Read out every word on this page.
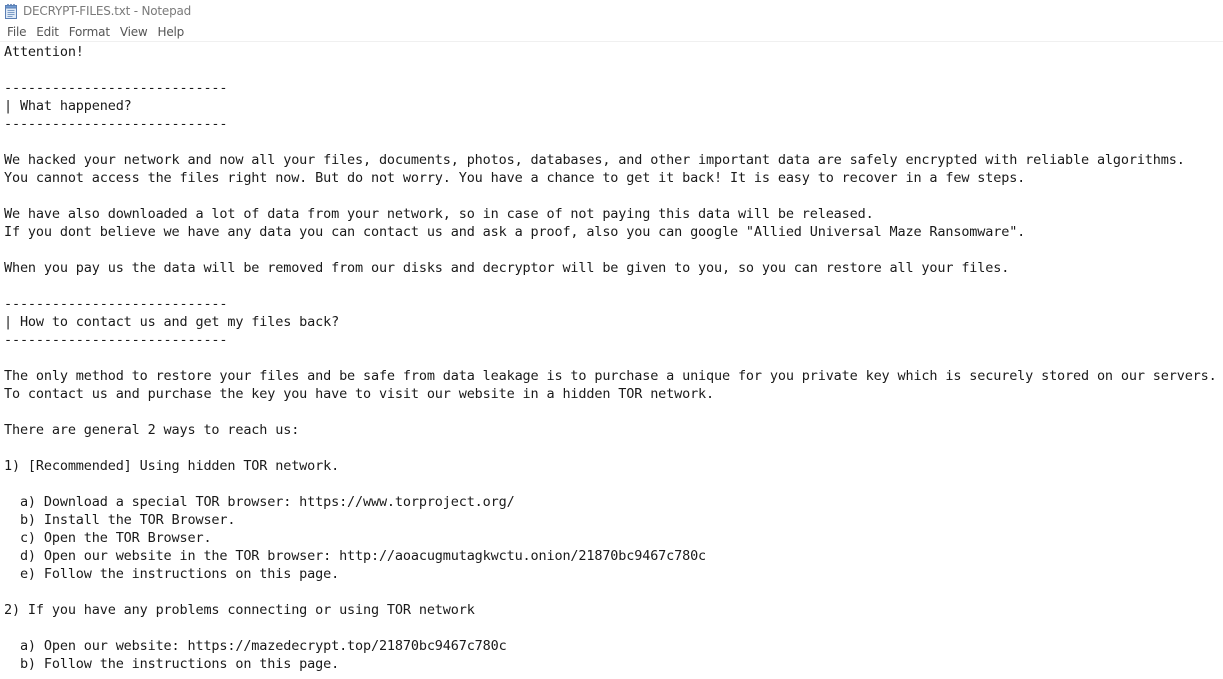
DECRYPT-FILES.txt - Notepad
File Edit Format View Help
Attention!

----------------------------
| What happened?
----------------------------

We hacked your network and now all your files, documents, photos, databases, and other important data are safely encrypted with reliable algorithms.
You cannot access the files right now. But do not worry. You have a chance to get it back! It is easy to recover in a few steps.

We have also downloaded a lot of data from your network, so in case of not paying this data will be released.
If you dont believe we have any data you can contact us and ask a proof, also you can google "Allied Universal Maze Ransomware".

When you pay us the data will be removed from our disks and decryptor will be given to you, so you can restore all your files.

----------------------------
| How to contact us and get my files back?
----------------------------

The only method to restore your files and be safe from data leakage is to purchase a unique for you private key which is securely stored on our servers.
To contact us and purchase the key you have to visit our website in a hidden TOR network.

There are general 2 ways to reach us:

1) [Recommended] Using hidden TOR network.

a) Download a special TOR browser: https://www.torproject.org/
b) Install the TOR Browser.
c) Open the TOR Browser.
d) Open our website in the TOR browser: http://aoacugmutagkwctu.onion/21870bc9467c780c
e) Follow the instructions on this page.

2) If you have any problems connecting or using TOR network

a) Open our website: https://mazedecrypt.top/21870bc9467c780c
b) Follow the instructions on this page.
